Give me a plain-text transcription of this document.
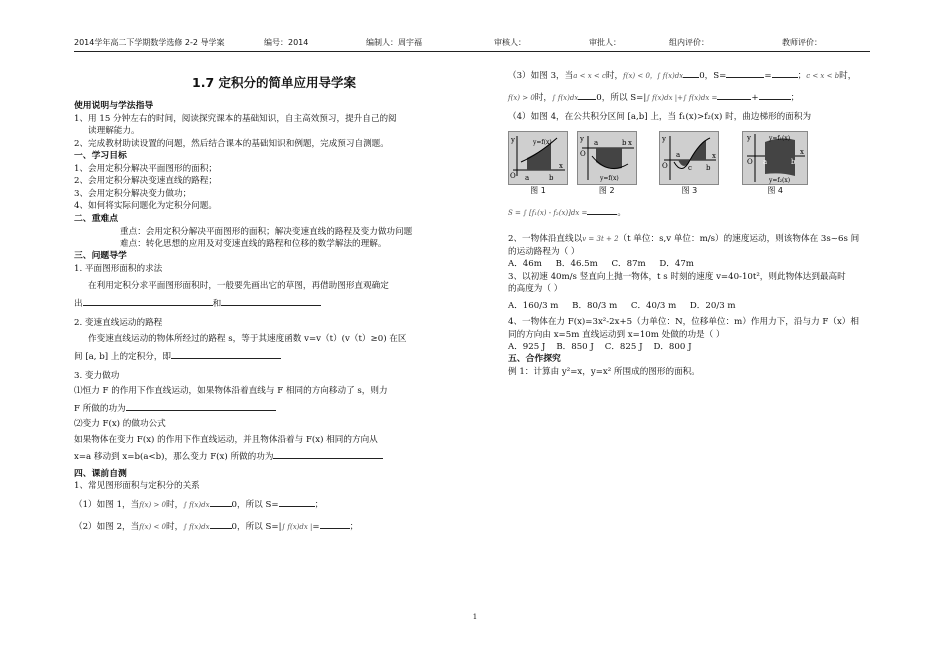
2014学年高二下学期数学选修 2-2 导学案	编号：2014	编制人：周宇福	审核人：	审批人：	组内评价：	教师评价：

1.7 定积分的简单应用导学案

使用说明与学法指导

1、用 15 分钟左右的时间，阅读探究课本的基础知识，自主高效预习，提升自己的阅

读理解能力。

2、完成教材助读设置的问题，然后结合课本的基础知识和例题，完成预习自测题。

一、学习目标

1、会用定积分解决平面图形的面积；

2、会用定积分解决变速直线的路程；

3、会用定积分解决变力做功；

4、如何将实际问题化为定积分问题。

二、重难点

重点：会用定积分解决平面图形的面积；解决变速直线的路程及变力做功问题

难点：转化思想的应用及对变速直线的路程和位移的数学解法的理解。

三、问题导学

1. 平面图形面积的求法

在利用定积分求平面图形面积时，一般要先画出它的草图，再借助图形直观确定

出	和

2. 变速直线运动的路程

作变速直线运动的物体所经过的路程 s，等于其速度函数 v=v（t）(v（t）≥0) 在区

间 [a, b] 上的定积分，即

3. 变力做功

⑴恒力 F 的作用下作直线运动，如果物体沿着直线与 F 相同的方向移动了 s，则力

F 所做的功为

⑵变力 F(x) 的做功公式

如果物体在变力 F(x) 的作用下作直线运动，并且物体沿着与 F(x) 相同的方向从

x=a 移动到 x=b(a<b)，那么变力 F(x) 所做的功为

四、课前自测

1、常见图形面积与定积分的关系

（1）如图 1，当f(x) > 0时，∫ f(x)dx	0，所以 S=	；

（2）如图 2，当f(x) < 0时，∫ f(x)dx	0，所以 S=|∫ f(x)dx |=	；

（3）如图 3，当a < x < c时，f(x) < 0，∫ f(x)dx 0，S=	=	；c < x < b时，

f(x) > 0时，∫ f(x)dx 0，所以 S=|∫ f(x)dx |+∫ f(x)dx =	+	；

（4）如图 4，在公共积分区间 [a,b] 上，当 f₁(x)>f₂(x) 时，曲边梯形的面积为

y
x
O a	b
y=f(x)
图 1

y
O
a	b x
y=f(x)
图 2

y
O
a
c b
x
图 3

y
O a	b
x
y=f₁(x)
y=f₂(x)
图 4

S = ∫ [f₁(x) - f₂(x)]dx =	。

2、一物体沿直线以v = 3t + 2（t 单位：s,v 单位：m/s）的速度运动，则该物体在 3s~6s 间

的运动路程为（ ）

A．46m B．46.5m C．87m D．47m

3、以初速 40m/s 竖直向上抛一物体，t s 时刻的速度 v=40-10t²，则此物体达到最高时

的高度为（ ）

A．160/3 m B．80/3 m C．40/3 m D．20/3 m

4、一物体在力 F(x)=3x²-2x+5（力单位：N，位移单位：m）作用力下，沿与力 F（x）相

同的方向由 x=5m 直线运动到 x=10m 处做的功是（ ）

A．925 J B．850 J C．825 J D．800 J

五、合作探究

例 1：计算由 y²=x，y=x² 所围成的图形的面积。

1
